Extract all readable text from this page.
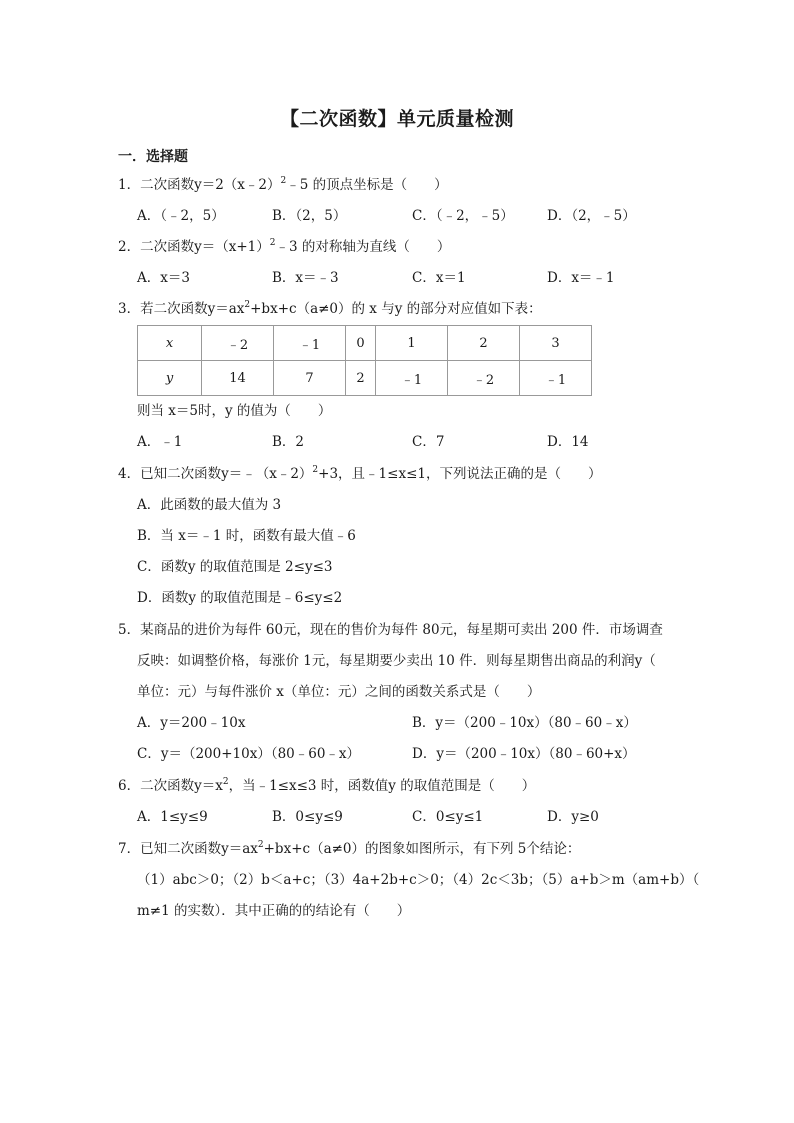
【二次函数】单元质量检测
一．选择题
1．二次函数y＝2（x﹣2）$^2$﹣5 的顶点坐标是（　　）
A．（﹣2，5）	B．（2，5）	C．（﹣2，﹣5） D．（2，﹣5）
2．二次函数$y=(x+1)^2﹣3$ 的对称轴为直线（　　）
A．x＝3	B．x＝﹣3	C．x＝1	D．x＝﹣1
3．若二次函数$y=ax^2+bx+c(a\ne 0)$的 x 与y 的部分对应值如下表：
x	﹣2	﹣1	0	1	2	3
y	14	7	2	﹣1	﹣2	﹣1
则当 x＝5时，y 的值为（　　）
A．﹣1	B．2	C．7	D．14
4．已知二次函数y＝﹣（x﹣2）$^2$+3，且﹣1≤x≤1，下列说法正确的是（　　）
A．此函数的最大值为 3
B．当 x＝﹣1 时，函数有最大值﹣6
C．函数y 的取值范围是 2≤y≤3
D．函数y 的取值范围是﹣6≤y≤2
5．某商品的进价为每件 60元，现在的售价为每件 80元，每星期可卖出 200 件．市场调查
反映：如调整价格，每涨价 1元，每星期要少卖出 10 件．则每星期售出商品的利润y（
单位：元）与每件涨价 x（单位：元）之间的函数关系式是（　　）
A．y＝200﹣10x	B．y＝（200﹣10x）（80﹣60﹣x）
C．y＝（200+10x）（80﹣60﹣x）	D．y＝（200﹣10x）（80﹣60+x）
6．二次函数$y=x^2$，当﹣1≤x≤3 时，函数值y 的取值范围是（　　）
A．1≤y≤9	B．0≤y≤9	C．0≤y≤1	D．y≥0
7．已知二次函数$y=ax^2+bx+c(a\ne 0)$的图象如图所示，有下列 5个结论：
（1）abc＞0；（2）b＜a+c；（3）4a+2b+c＞0；（4）2c＜3b；（5）a+b＞m（am+b）（
m≠1 的实数）．其中正确的的结论有（　　）
